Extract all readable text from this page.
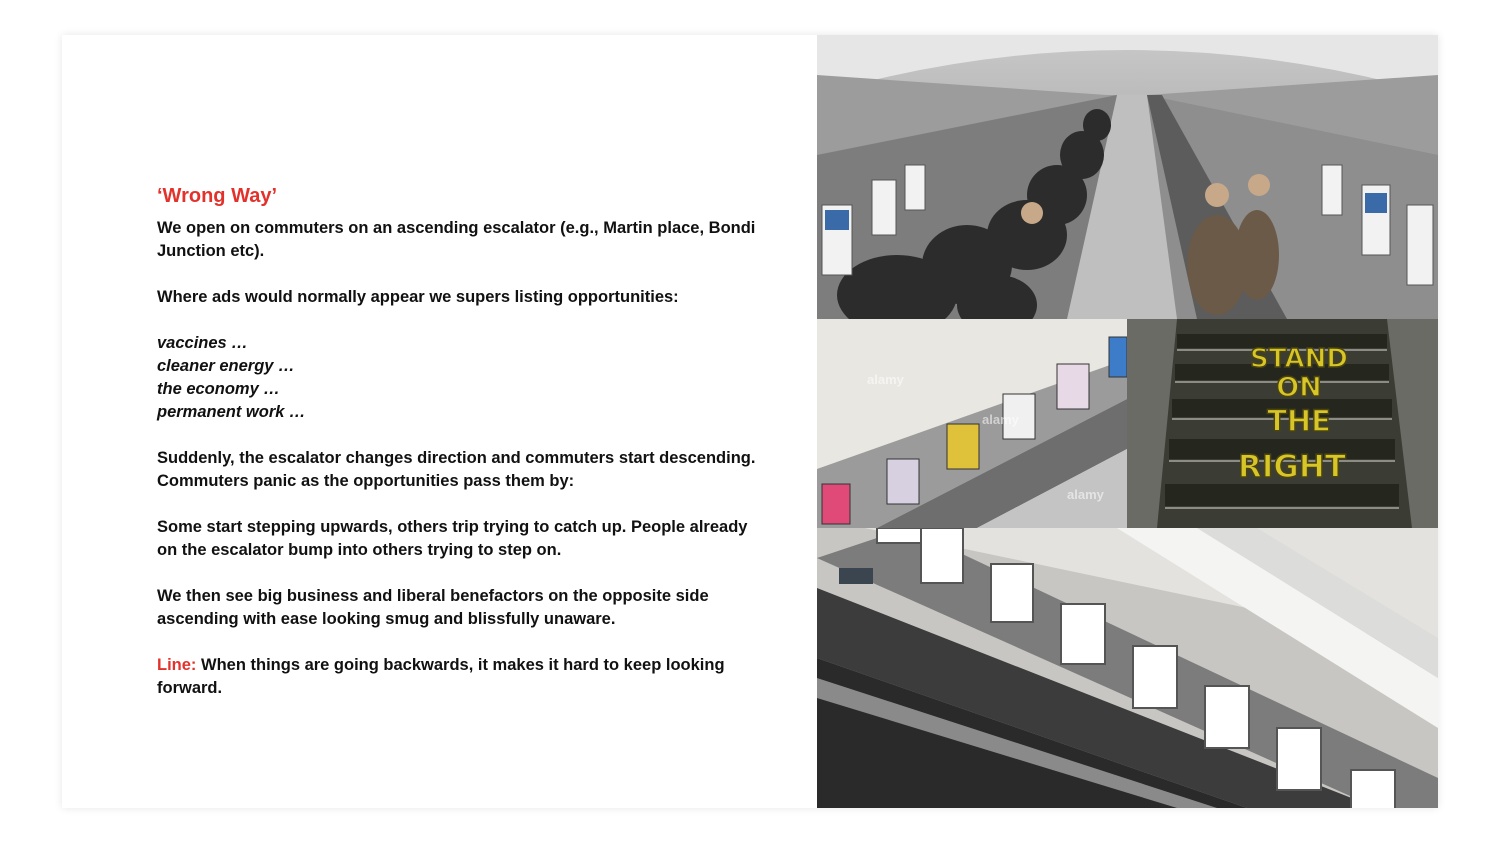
‘Wrong Way’
We open on commuters on an ascending escalator (e.g., Martin place, Bondi Junction etc).
Where ads would normally appear we supers listing opportunities:
vaccines …
cleaner energy …
the economy …
permanent work …
Suddenly, the escalator changes direction and commuters start descending. Commuters panic as the opportunities pass them by:
Some start stepping upwards, others trip trying to catch up. People already on the escalator bump into others trying to step on.
We then see big business and liberal benefactors on the opposite side ascending with ease looking smug and blissfully unaware.
Line: When things are going backwards, it makes it hard to keep looking forward.
alamy
alamy
alamy
STAND
ON
THE
RIGHT
